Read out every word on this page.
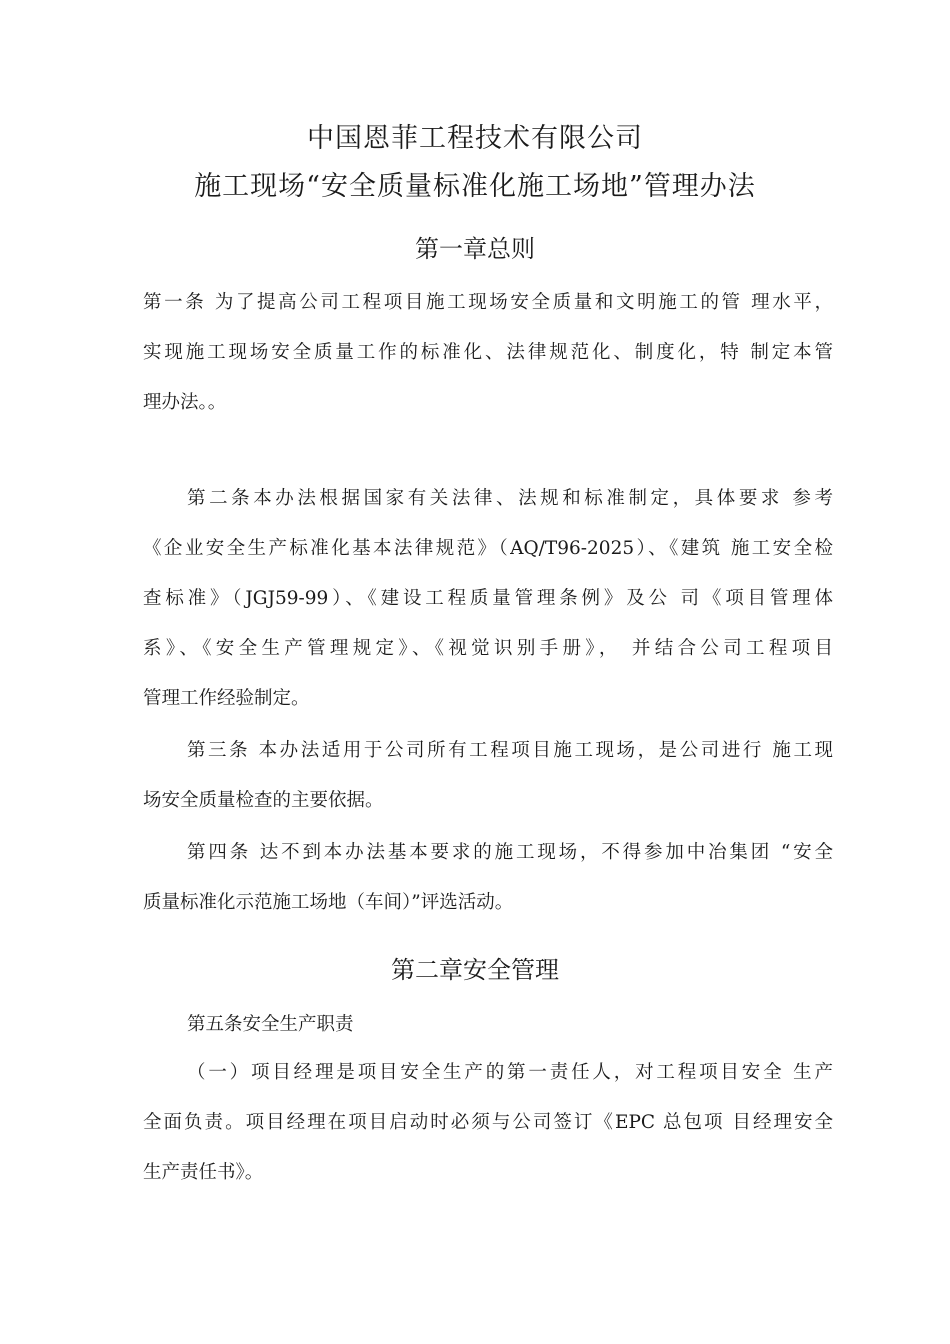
中国恩菲工程技术有限公司
施工现场“安全质量标准化施工场地”管理办法
第一章总则
第一条 为了提高公司工程项目施工现场安全质量和文明施工的管 理水平，
实现施工现场安全质量工作的标准化、法律规范化、制度化，特 制定本管
理办法。。
第二条本办法根据国家有关法律、法规和标准制定，具体要求 参考
《企业安全生产标准化基本法律规范》（AQ/T96-2025）、《建筑 施工安全检
查标准》（JGJ59-99）、《建设工程质量管理条例》及公 司《项目管理体
系》、《安全生产管理规定》、《视觉识别手册》， 并结合公司工程项目
管理工作经验制定。
第三条 本办法适用于公司所有工程项目施工现场，是公司进行 施工现
场安全质量检查的主要依据。
第四条 达不到本办法基本要求的施工现场，不得参加中冶集团 “安全
质量标准化示范施工场地（车间）”评选活动。
第二章安全管理
第五条安全生产职责
（一）项目经理是项目安全生产的第一责任人，对工程项目安全 生产
全面负责。项目经理在项目启动时必须与公司签订《EPC 总包项 目经理安全
生产责任书》。
